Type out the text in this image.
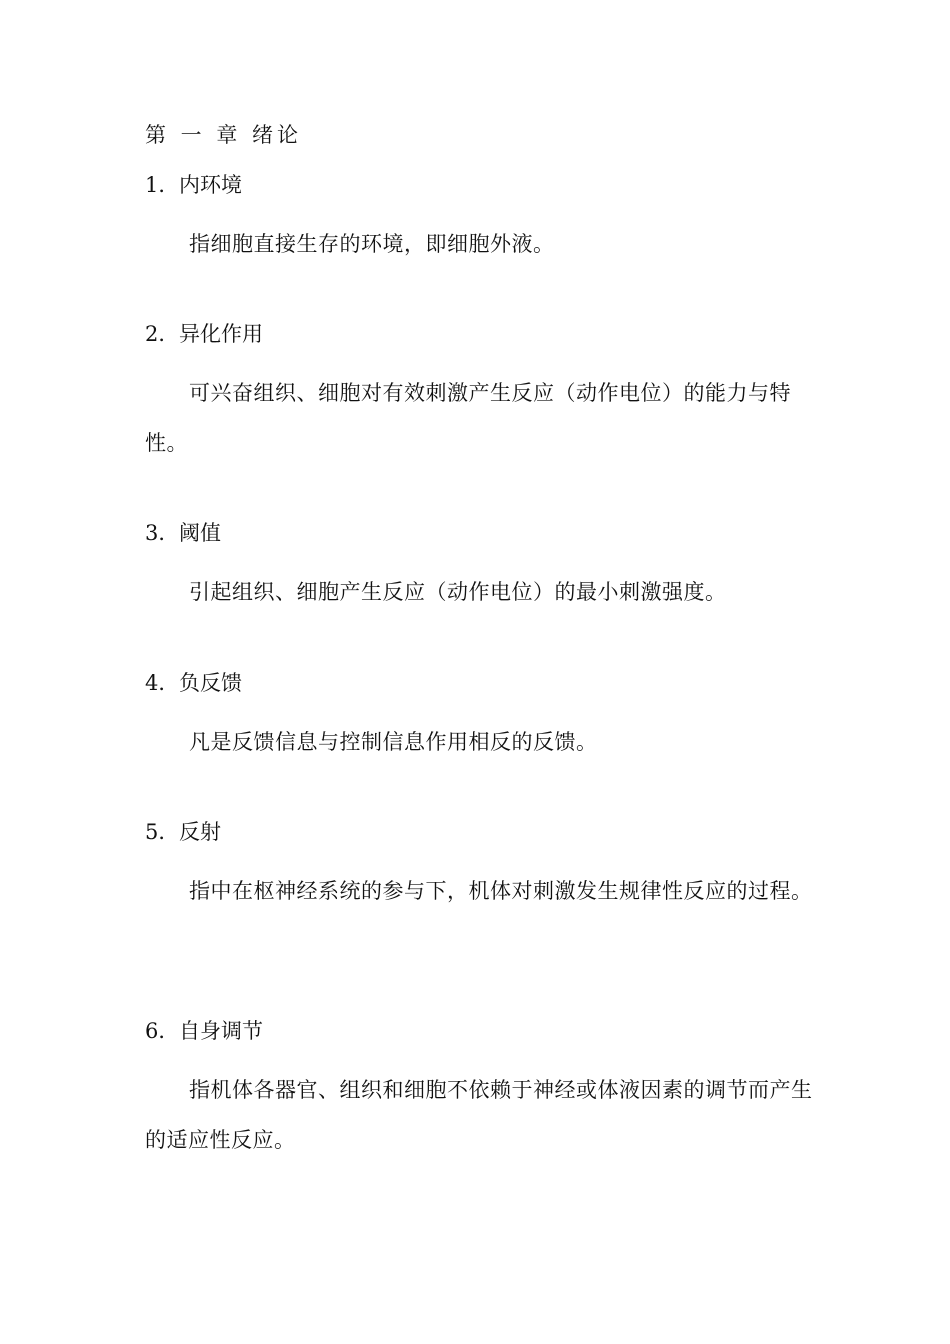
第 一 章 绪论

1．内环境

指细胞直接生存的环境，即细胞外液。

2．异化作用

可兴奋组织、细胞对有效刺激产生反应（动作电位）的能力与特性。

3．阈值

引起组织、细胞产生反应（动作电位）的最小刺激强度。

4．负反馈

凡是反馈信息与控制信息作用相反的反馈。

5．反射

指中在枢神经系统的参与下，机体对刺激发生规律性反应的过程。

6．自身调节

指机体各器官、组织和细胞不依赖于神经或体液因素的调节而产生的适应性反应。
